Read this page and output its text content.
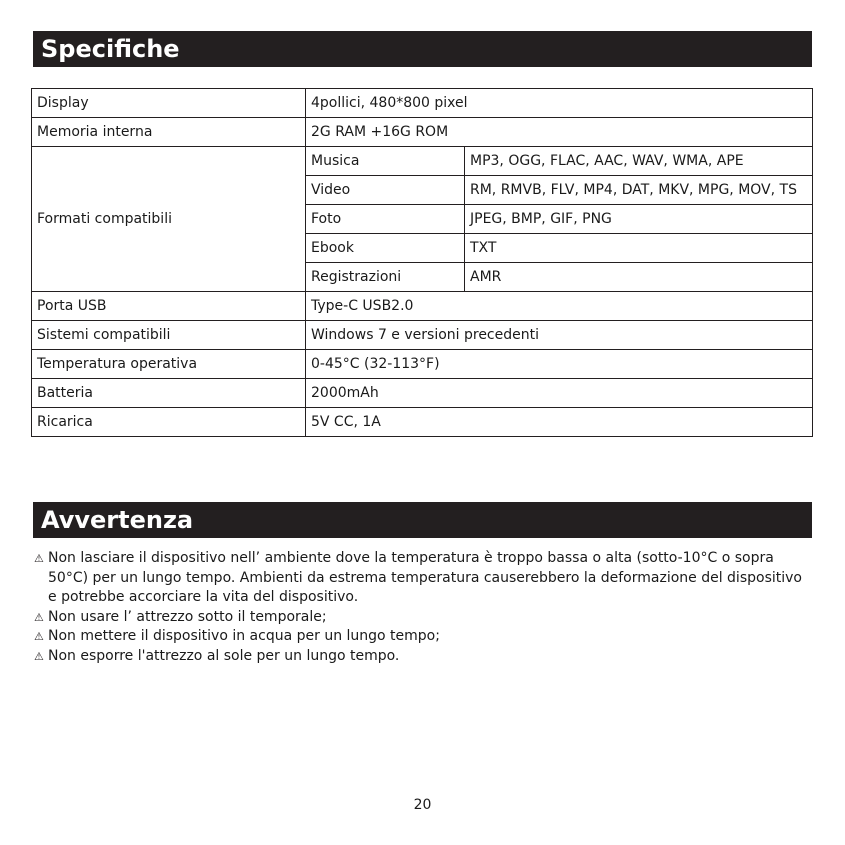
Specifiche
Display	4pollici, 480*800 pixel	
Memoria interna	2G RAM +16G ROM	
Formati compatibili	Musica	MP3, OGG, FLAC, AAC, WAV, WMA, APE
	Video	RM, RMVB, FLV, MP4, DAT, MKV, MPG, MOV, TS
	Foto	JPEG, BMP, GIF, PNG
	Ebook	TXT
	Registrazioni	AMR
Porta USB	Type-C USB2.0	
Sistemi compatibili	Windows 7 e versioni precedenti	
Temperatura operativa	0-45°C (32-113°F)	
Batteria	2000mAh	
Ricarica	5V CC, 1A	
Avvertenza
⚠ Non lasciare il dispositivo nell’ ambiente dove la temperatura è troppo bassa o alta (sotto-10°C o sopra 50°C) per un lungo tempo. Ambienti da estrema temperatura causerebbero la deformazione del dispositivo e potrebbe accorciare la vita del dispositivo.
⚠ Non usare l’ attrezzo sotto il temporale;
⚠ Non mettere il dispositivo in acqua per un lungo tempo;
⚠ Non esporre l'attrezzo al sole per un lungo tempo.
20
